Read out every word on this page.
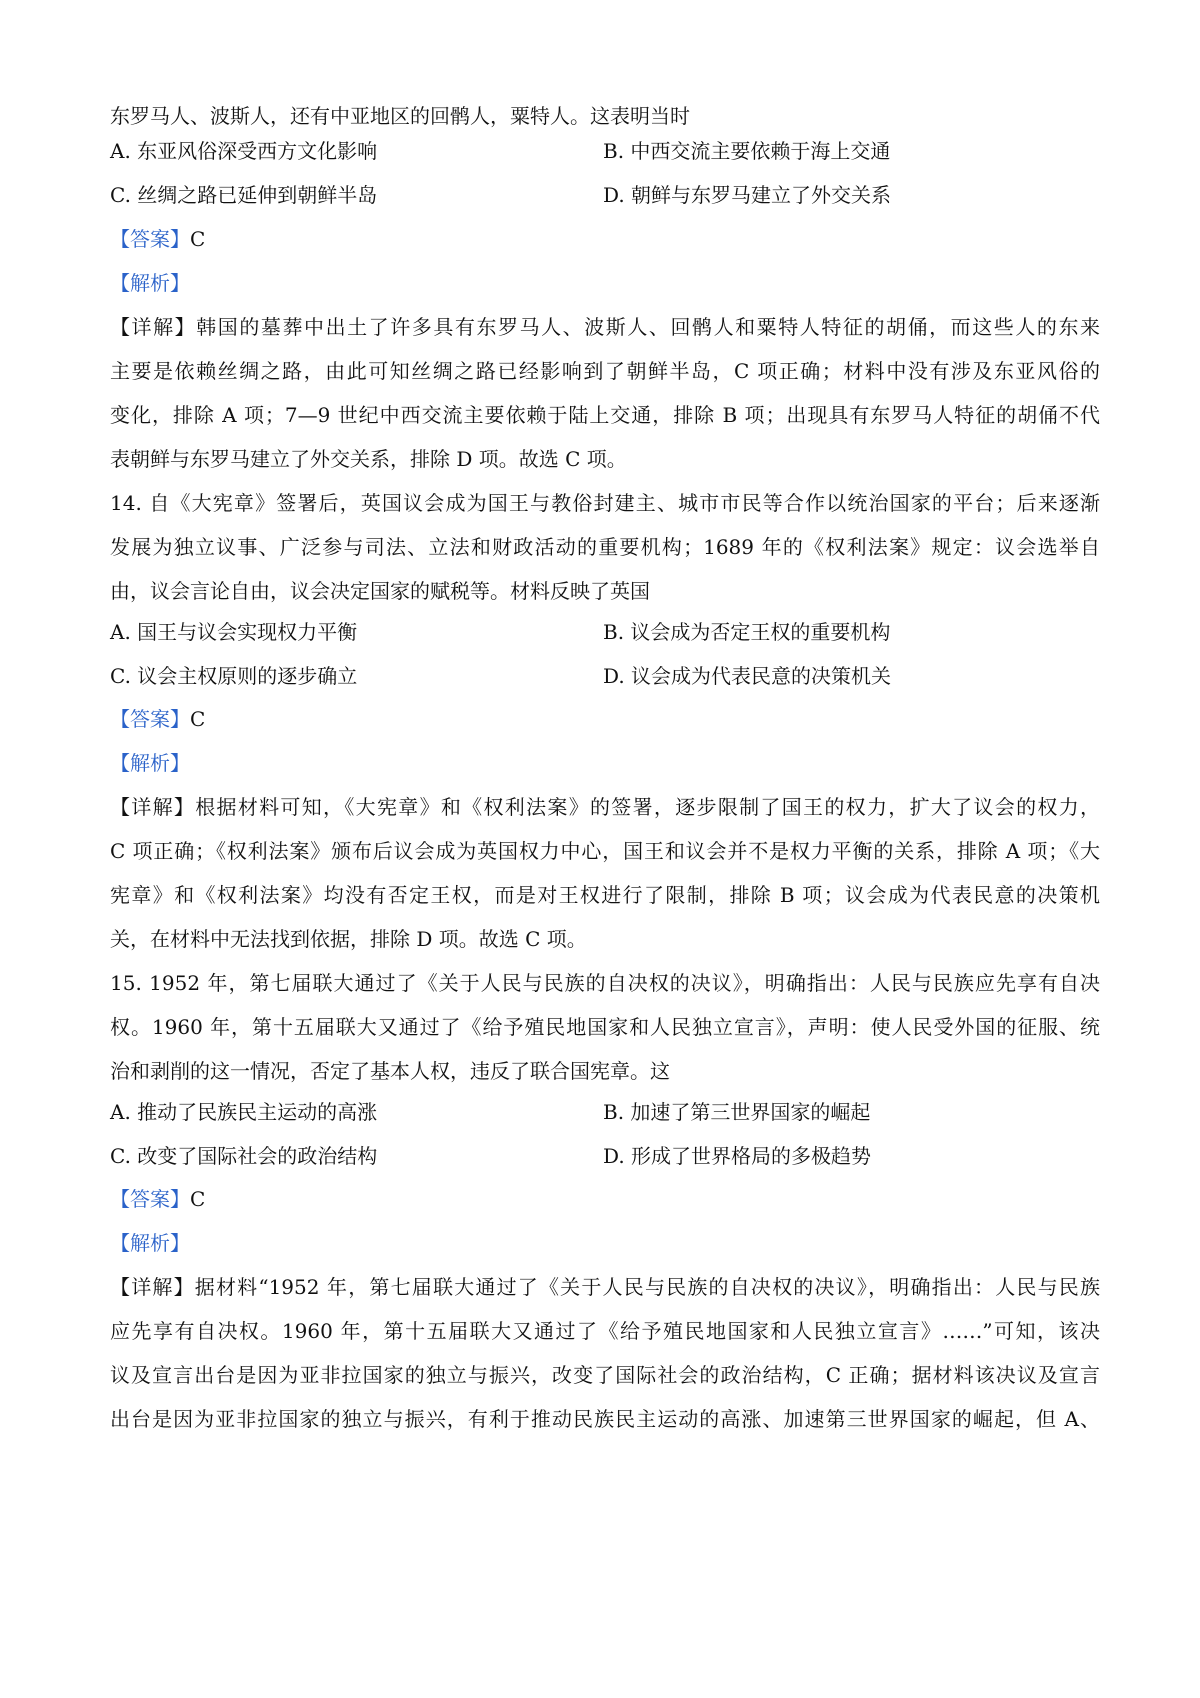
东罗马人、波斯人，还有中亚地区的回鹘人，粟特人。这表明当时
A. 东亚风俗深受西方文化影响	B. 中西交流主要依赖于海上交通
C. 丝绸之路已延伸到朝鲜半岛	D. 朝鲜与东罗马建立了外交关系
【答案】C
【解析】
【详解】韩国的墓葬中出土了许多具有东罗马人、波斯人、回鹘人和粟特人特征的胡俑，而这些人的东来
主要是依赖丝绸之路，由此可知丝绸之路已经影响到了朝鲜半岛，C 项正确；材料中没有涉及东亚风俗的
变化，排除 A 项；7—9 世纪中西交流主要依赖于陆上交通，排除 B 项；出现具有东罗马人特征的胡俑不代
表朝鲜与东罗马建立了外交关系，排除 D 项。故选 C 项。
14. 自《大宪章》签署后，英国议会成为国王与教俗封建主、城市市民等合作以统治国家的平台；后来逐渐
发展为独立议事、广泛参与司法、立法和财政活动的重要机构；1689 年的《权利法案》规定：议会选举自
由，议会言论自由，议会决定国家的赋税等。材料反映了英国
A. 国王与议会实现权力平衡	B. 议会成为否定王权的重要机构
C. 议会主权原则的逐步确立	D. 议会成为代表民意的决策机关
【答案】C
【解析】
【详解】根据材料可知，《大宪章》和《权利法案》的签署，逐步限制了国王的权力，扩大了议会的权力，
C 项正确；《权利法案》颁布后议会成为英国权力中心，国王和议会并不是权力平衡的关系，排除 A 项；《大
宪章》和《权利法案》均没有否定王权，而是对王权进行了限制，排除 B 项；议会成为代表民意的决策机
关，在材料中无法找到依据，排除 D 项。故选 C 项。
15. 1952 年，第七届联大通过了《关于人民与民族的自决权的决议》，明确指出：人民与民族应先享有自决
权。1960 年，第十五届联大又通过了《给予殖民地国家和人民独立宣言》，声明：使人民受外国的征服、统
治和剥削的这一情况，否定了基本人权，违反了联合国宪章。这
A. 推动了民族民主运动的高涨	B. 加速了第三世界国家的崛起
C. 改变了国际社会的政治结构	D. 形成了世界格局的多极趋势
【答案】C
【解析】
【详解】据材料“1952 年，第七届联大通过了《关于人民与民族的自决权的决议》，明确指出：人民与民族
应先享有自决权。1960 年，第十五届联大又通过了《给予殖民地国家和人民独立宣言》……”可知，该决
议及宣言出台是因为亚非拉国家的独立与振兴，改变了国际社会的政治结构，C 正确；据材料该决议及宣言
出台是因为亚非拉国家的独立与振兴，有利于推动民族民主运动的高涨、加速第三世界国家的崛起，但 A、
